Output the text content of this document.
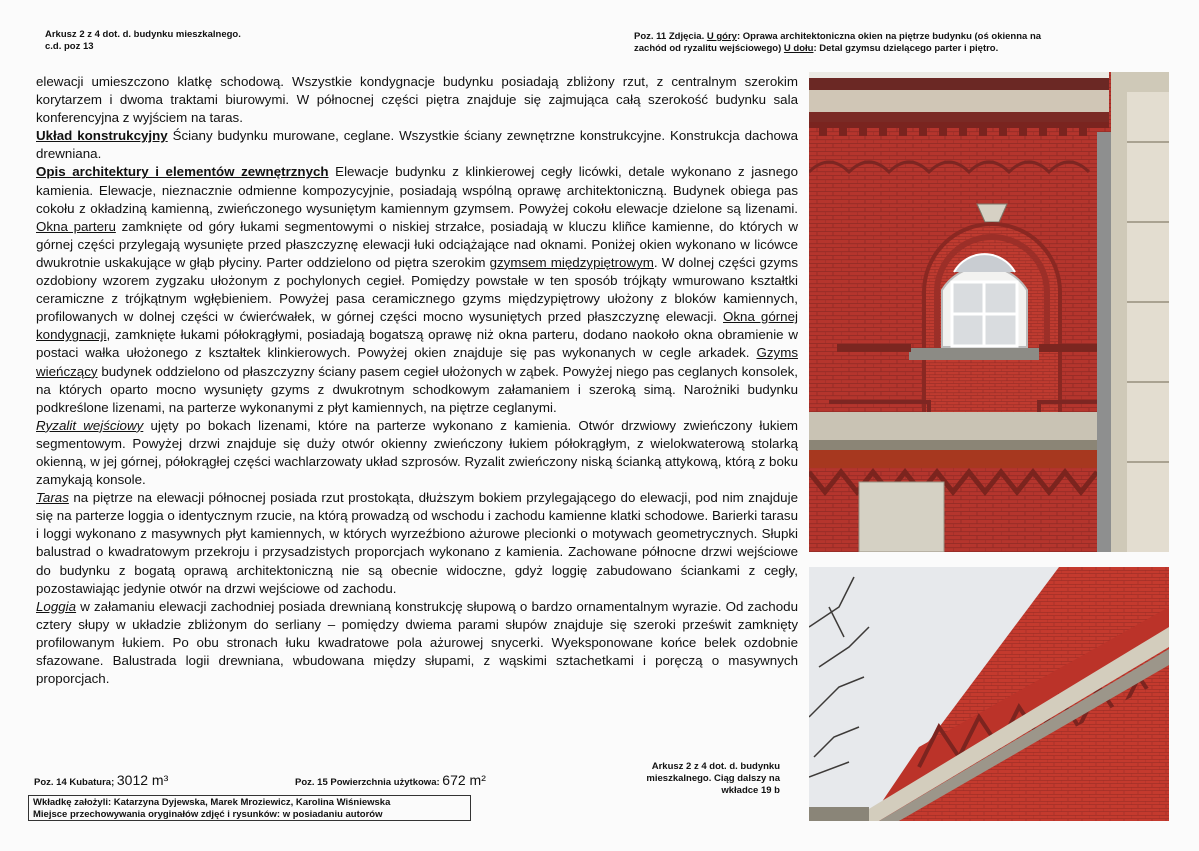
Arkusz 2 z 4 dot. d. budynku mieszkalnego.
c.d. poz 13
Poz. 11 Zdjęcia. U góry: Oprawa architektoniczna okien na piętrze budynku (oś okienna na
zachód od ryzalitu wejściowego) U dołu: Detal gzymsu dzielącego parter i piętro.

elewacji umieszczono klatkę schodową. Wszystkie kondygnacje budynku posiadają zbliżony rzut, z centralnym szerokim korytarzem i dwoma traktami biurowymi. W północnej części piętra znajduje się zajmująca całą szerokość budynku sala konferencyjna z wyjściem na taras.

Układ konstrukcyjny Ściany budynku murowane, ceglane. Wszystkie ściany zewnętrzne konstrukcyjne. Konstrukcja dachowa drewniana.

Opis architektury i elementów zewnętrznych Elewacje budynku z klinkierowej cegły licówki, detale wykonano z jasnego kamienia. Elewacje, nieznacznie odmienne kompozycyjnie, posiadają wspólną oprawę architektoniczną. Budynek obiega pas cokołu z okładziną kamienną, zwieńczonego wysuniętym kamiennym gzymsem. Powyżej cokołu elewacje dzielone są lizenami. Okna parteru zamknięte od góry łukami segmentowymi o niskiej strzałce, posiadają w kluczu kliñce kamienne, do których w górnej części przylegają wysunięte przed płaszczyznę elewacji łuki odciążające nad oknami. Poniżej okien wykonano w licówce dwukrotnie uskakujące w głąb płyciny. Parter oddzielono od piętra szerokim gzymsem międzypiętrowym. W dolnej części gzyms ozdobiony wzorem zygzaku ułożonym z pochylonych cegieł. Pomiędzy powstałe w ten sposób trójkąty wmurowano kształtki ceramiczne z trójkątnym wgłębieniem. Powyżej pasa ceramicznego gzyms międzypiętrowy ułożony z bloków kamiennych, profilowanych w dolnej części w ćwierćwałek, w górnej części mocno wysuniętych przed płaszczyznę elewacji. Okna górnej kondygnacji, zamknięte łukami półokrągłymi, posiadają bogatszą oprawę niż okna parteru, dodano naokoło okna obramienie w postaci wałka ułożonego z kształtek klinkierowych. Powyżej okien znajduje się pas wykonanych w cegle arkadek. Gzyms wieńczący budynek oddzielono od płaszczyzny ściany pasem cegieł ułożonych w ząbek. Powyżej niego pas ceglanych konsolek, na których oparto mocno wysunięty gzyms z dwukrotnym schodkowym załamaniem i szeroką simą. Narożniki budynku podkreślone lizenami, na parterze wykonanymi z płyt kamiennych, na piętrze ceglanymi.

Ryzalit wejściowy ujęty po bokach lizenami, które na parterze wykonano z kamienia. Otwór drzwiowy zwieńczony łukiem segmentowym. Powyżej drzwi znajduje się duży otwór okienny zwieńczony łukiem półokrągłym, z wielokwaterową stolarką okienną, w jej górnej, półokrągłej części wachlarzowaty układ szprosów. Ryzalit zwieńczony niską ścianką attykową, którą z boku zamykają konsole.

Taras na piętrze na elewacji północnej posiada rzut prostokąta, dłuższym bokiem przylegającego do elewacji, pod nim znajduje się na parterze loggia o identycznym rzucie, na którą prowadzą od wschodu i zachodu kamienne klatki schodowe. Barierki tarasu i loggi wykonano z masywnych płyt kamiennych, w których wyrzeźbiono ażurowe plecionki o motywach geometrycznych. Słupki balustrad o kwadratowym przekroju i przysadzistych proporcjach wykonano z kamienia. Zachowane północne drzwi wejściowe do budynku z bogatą oprawą architektoniczną nie są obecnie widoczne, gdyż loggię zabudowano ściankami z cegły, pozostawiając jedynie otwór na drzwi wejściowe od zachodu.

Loggia w załamaniu elewacji zachodniej posiada drewnianą konstrukcję słupową o bardzo ornamentalnym wyrazie. Od zachodu cztery słupy w układzie zbliżonym do serliany – pomiędzy dwiema parami słupów znajduje się szeroki prześwit zamknięty profilowanym łukiem. Po obu stronach łuku kwadratowe pola ażurowej snycerki. Wyeksponowane końce belek ozdobnie sfazowane. Balustrada logii drewniana, wbudowana między słupami, z wąskimi sztachetkami i poręczą o masywnych proporcjach.

Poz. 14 Kubatura; 3012 m³	Poz. 15 Powierzchnia użytkowa: 672 m²
Arkusz 2 z 4 dot. d. budynku
mieszkalnego. Ciąg dalszy na
wkładce 19 b
Wkładkę założyli: Katarzyna Dyjewska, Marek Mroziewicz, Karolina Wiśniewska
Miejsce przechowywania oryginałów zdjęć i rysunków: w posiadaniu autorów
